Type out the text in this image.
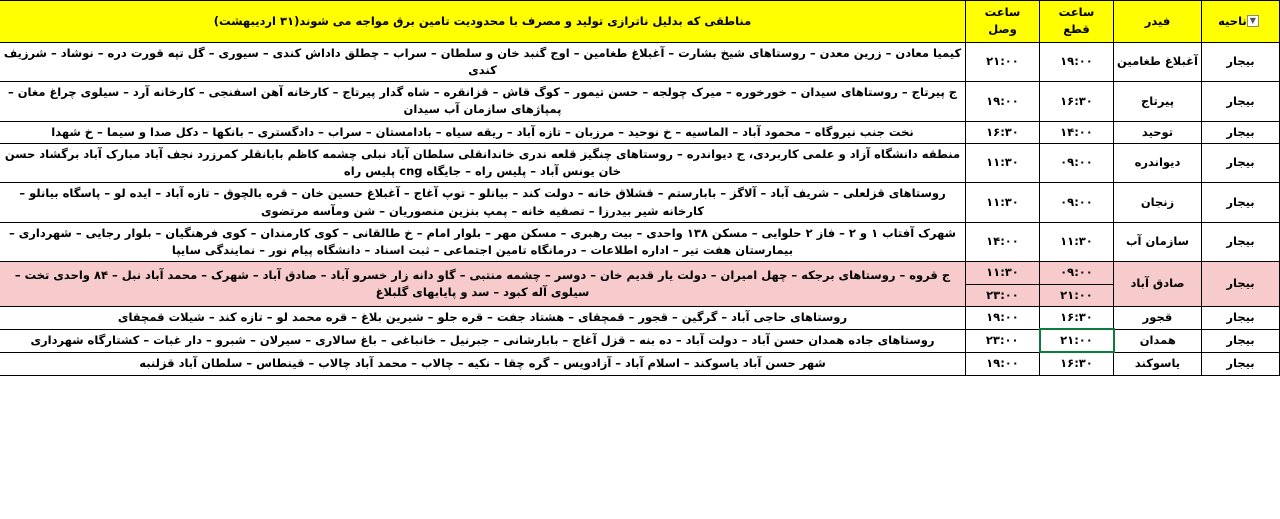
▼ناحیه	فیدر	ساعت قطع	ساعت وصل	مناطقی که بدلیل ناترازی تولید و مصرف با محدودیت تامین برق مواجه می شوند(۳۱ اردیبهشت)
بیجار	آغبلاغ طغامین	۱۹:۰۰	۲۱:۰۰	کیمیا معادن – زرین معدن – روستاهای شیخ بشارت – آغبلاغ طغامین – اوج گنبد خان و سلطان – سراب – چطلق داداش کندی – سیوری – گل تپه قورت دره – نوشاد – شرزیف کندی
بیجار	پیرتاج	۱۶:۳۰	۱۹:۰۰	ج پیرتاج – روستاهای سیدان – خورخوره – میرک چولجه – حسن تیمور – کوگ قاش – قزانقره – شاه گدار پیرتاج – کارخانه آهن اسفنجی – کارخانه آرد – سیلوی چراغ مغان – پمپاژهای سازمان آب سیدان
بیجار	توحید	۱۴:۰۰	۱۶:۳۰	نخت جنب نیروگاه – محمود آباد – الماسیه – خ نوحید – مرزبان – تازه آباد – ریقه سیاه – بادامستان – سراب – دادگستری – بانکها – دکل صدا و سیما – خ شهدا
بیجار	دیواندره	۰۹:۰۰	۱۱:۳۰	منطقه دانشگاه آزاد و علمی کاربردی، ج دیواندره – روستاهای چنگیز قلعه ندری خاندانقلی سلطان آباد نبلی چشمه کاظم بابانقلر کمرزرد نجف آباد مبارک آباد برگشاد حسن خان یونس آباد – پلیس راه – جایگاه cng پلیس راه
بیجار	زنجان	۰۹:۰۰	۱۱:۳۰	روستاهای قزلعلی – شریف آباد – آلاگز – بابارستم – قشلاق خانه – دولت کند – بیانلو – توپ آغاج – آغبلاغ حسین خان – قره بالچوق – تازه آباد – ایده لو – پاسگاه بیانلو – کارخانه شیر بیدرزا – تصفیه خانه – پمپ بنزین منصوریان – شن ومآسه مرتضوی
بیجار	سازمان آب	۱۱:۳۰	۱۴:۰۰	شهرک آفتاب ۱ و ۲ – فاز ۲ حلوایی – مسکن ۱۳۸ واحدی – بیت رهبری – مسکن مهر – بلوار امام – خ طالقانی – کوی کارمندان – کوی فرهنگیان – بلوار رجایی – شهرداری – بیمارستان هفت تیر – اداره اطلاعات – درمانگاه تامین اجتماعی – ثبت اسناد – دانشگاه پیام نور – نمایندگی سایپا
بیجار	صادق آباد	۰۹:۰۰	۱۱:۳۰	ج قروه – روستاهای برجکه – چهل امیران – دولت یار قدیم خان – دوسر – چشمه منتبی – گاو دانه زار خسرو آباد – صادق آباد – شهرک – محمد آباد نبل – ۸۴ واحدی تخت – سیلوی آله کبود – سد و پایابهای گلبلاغ
		۲۱:۰۰	۲۳:۰۰	
بیجار	قجور	۱۶:۳۰	۱۹:۰۰	روستاهای حاجی آباد – گرگین – قجور – قمچقای – هشتاد جفت – قره جلو – شیرین بلاغ – قره محمد لو – تازه کند – شیلات قمچقای
بیجار	همدان	۲۱:۰۰	۲۳:۰۰	روستاهای جاده همدان حسن آباد – دولت آباد – ده بنه – قزل آغاج – بابارشانی – جبرنیل – خانباغی – باغ سالاری – سیرلان – شبرو – دار غبات – کشتارگاه شهرداری
بیجار	یاسوکند	۱۶:۳۰	۱۹:۰۰	شهر حسن آباد یاسوکند – اسلام آباد – آزادویس – گره چقا – نکیه – چالاب – محمد آباد چالاب – قینطاس – سلطان آباد قزلنبه
